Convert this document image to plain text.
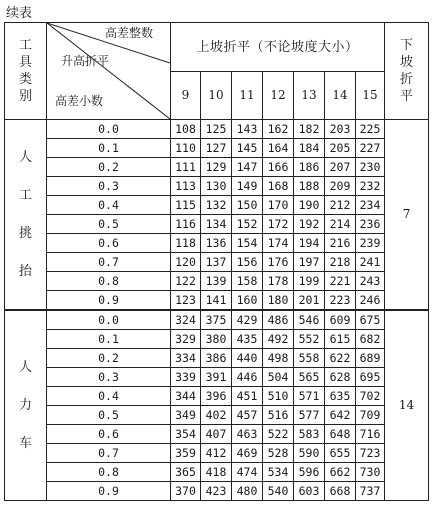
续表
工具类别	高差整数
升高折平
高差小数	上坡折平（不论坡度大小）							下坡折平

		9	10	11	12	13	14	15	

人
工
挑
抬	0.0	108	125	143	162	182	203	225	7
	0.1	110	127	145	164	184	205	227	
	0.2	111	129	147	166	186	207	230	
	0.3	113	130	149	168	188	209	232	
	0.4	115	132	150	170	190	212	234	
	0.5	116	134	152	172	192	214	236	
	0.6	118	136	154	174	194	216	239	
	0.7	120	137	156	176	197	218	241	
	0.8	122	139	158	178	199	221	243	
	0.9	123	141	160	180	201	223	246	

人
力
车	0.0	324	375	429	486	546	609	675	14
	0.1	329	380	435	492	552	615	682	
	0.2	334	386	440	498	558	622	689	
	0.3	339	391	446	504	565	628	695	
	0.4	344	396	451	510	571	635	702	
	0.5	349	402	457	516	577	642	709	
	0.6	354	407	463	522	583	648	716	
	0.7	359	412	469	528	590	655	723	
	0.8	365	418	474	534	596	662	730	
	0.9	370	423	480	540	603	668	737	
